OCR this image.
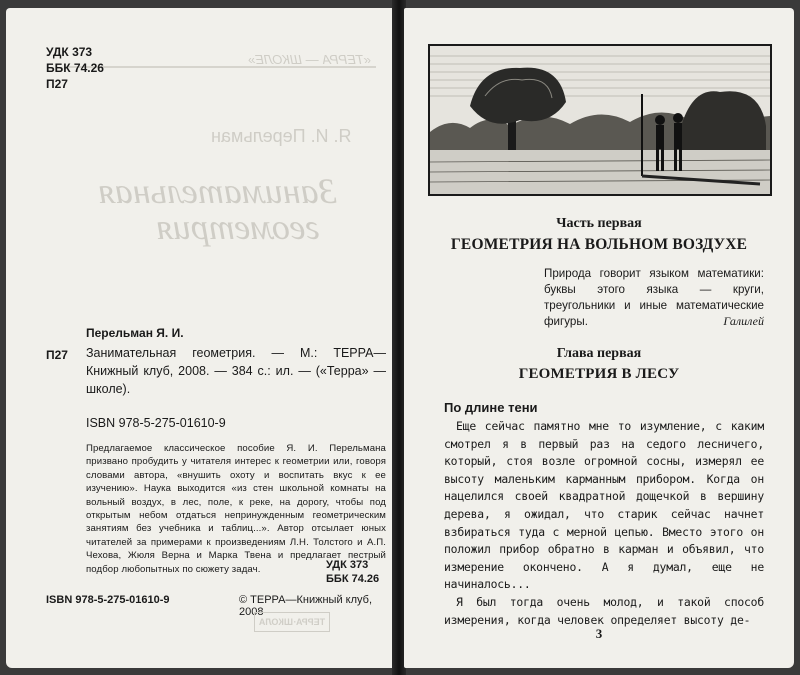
«ТЕРРА — ШКОЛЕ»
Я. И. Перельман
Занимательная
геометрия
УДК 373
ББК 74.26
П27
Перельман Я. И.
П27 Занимательная геометрия. — М.: ТЕРРА—Книжный клуб, 2008. — 384 с.: ил. — («Терра» — школе).
ISBN 978-5-275-01610-9
Предлагаемое классическое пособие Я. И. Перельмана призвано пробудить у читателя интерес к геометрии или, говоря словами автора, «внушить охоту и воспитать вкус к ее изучению». Наука выходится «из стен школьной комнаты на вольный воздух, в лес, поле, к реке, на дорогу, чтобы под открытым небом отдаться непринужденным геометрическим занятиям без учебника и таблиц...». Автор отсылает юных читателей за примерами к произведениям Л.Н. Толстого и А.П. Чехова, Жюля Верна и Марка Твена и предлагает пестрый подбор любопытных по сюжету задач.	УДК 373
ББК 74.26
ISBN 978-5-275-01610-9	© ТЕРРА—Книжный клуб, 2008
ТЕРРА·ШКОЛА
Часть первая
ГЕОМЕТРИЯ НА ВОЛЬНОМ ВОЗДУХЕ
Природа говорит языком математики: буквы этого языка — круги, треугольники и иные математические фигуры.	Галилей
Глава первая
ГЕОМЕТРИЯ В ЛЕСУ
По длине тени

Еще сейчас памятно мне то изумление, с каким смотрел я в первый раз на седого лесничего, который, стоя возле огромной сосны, измерял ее высоту маленьким карманным прибором. Когда он нацелился своей квадратной дощечкой в вершину дерева, я ожидал, что старик сейчас начнет взбираться туда с мерной цепью. Вместо этого он положил прибор обратно в карман и объявил, что измерение окончено. А я думал, еще не начиналось...

Я был тогда очень молод, и такой способ измерения, когда человек определяет высоту де-

3
